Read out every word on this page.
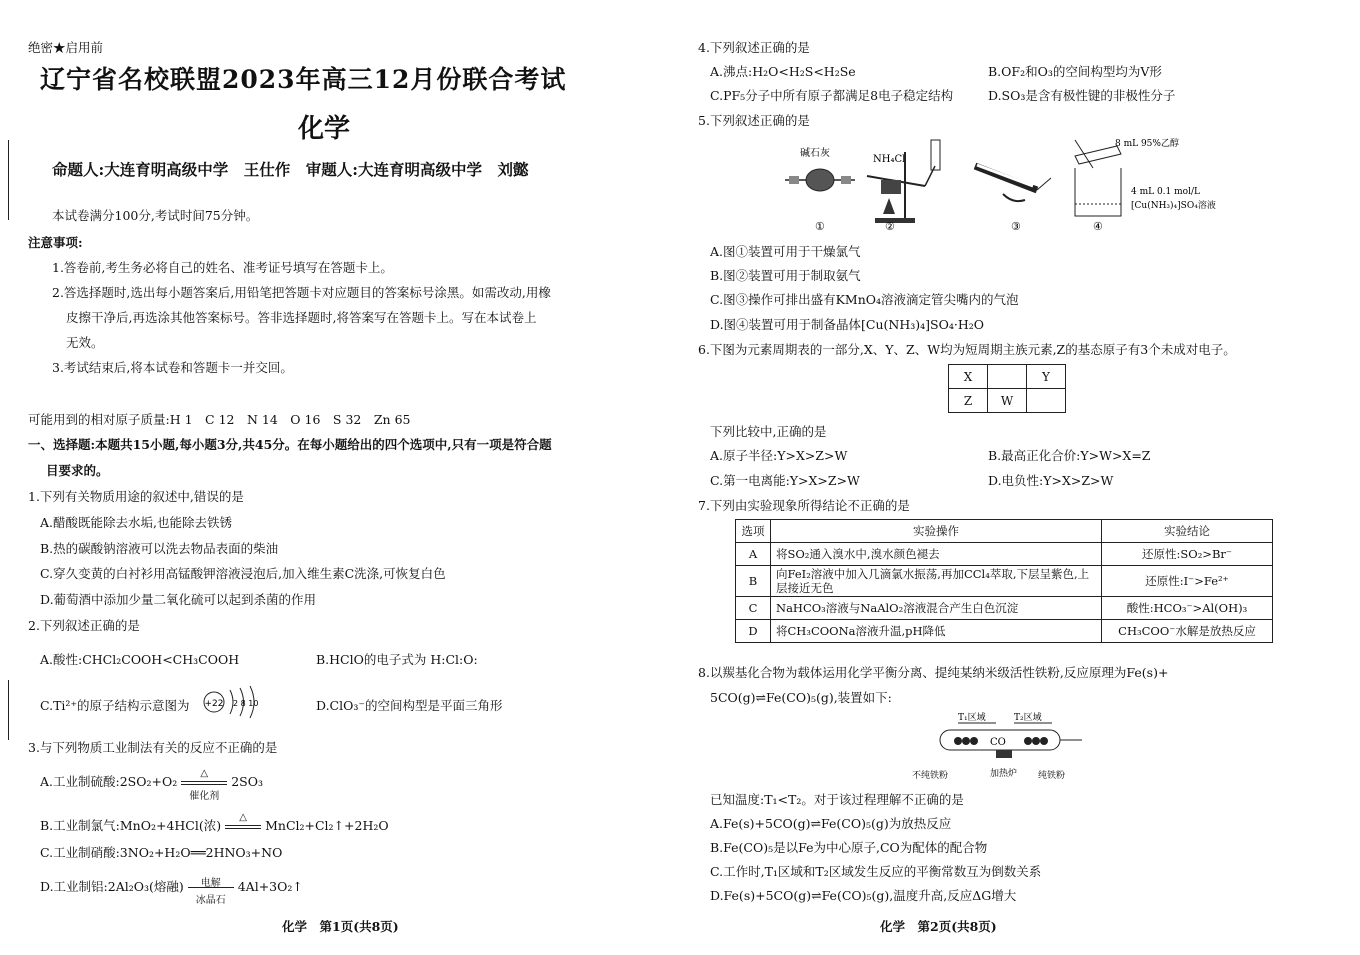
绝密★启用前
辽宁省名校联盟2023年高三12月份联合考试
化学
命题人:大连育明高级中学　王仕作　审题人:大连育明高级中学　刘懿
本试卷满分100分,考试时间75分钟。
注意事项:
1.答卷前,考生务必将自己的姓名、准考证号填写在答题卡上。
2.答选择题时,选出每小题答案后,用铅笔把答题卡对应题目的答案标号涂黑。如需改动,用橡
皮擦干净后,再选涂其他答案标号。答非选择题时,将答案写在答题卡上。写在本试卷上
无效。
3.考试结束后,将本试卷和答题卡一并交回。
可能用到的相对原子质量:H 1　C 12　N 14　O 16　S 32　Zn 65
一、选择题:本题共15小题,每小题3分,共45分。在每小题给出的四个选项中,只有一项是符合题
目要求的。
1.下列有关物质用途的叙述中,错误的是
A.醋酸既能除去水垢,也能除去铁锈
B.热的碳酸钠溶液可以洗去物品表面的柴油
C.穿久变黄的白衬衫用高锰酸钾溶液浸泡后,加入维生素C洗涤,可恢复白色
D.葡萄酒中添加少量二氧化硫可以起到杀菌的作用
2.下列叙述正确的是
A.酸性:CHCl₂COOH<CH₃COOH	B.HClO的电子式为 H:Cl:O:
C.Ti²⁺的原子结构示意图为 +22 2 8 10	D.ClO₃⁻的空间构型是平面三角形
3.与下列物质工业制法有关的反应不正确的是
A.工业制硫酸:2SO₂+O₂
△
催化剂
2SO₃
B.工业制氯气:MnO₂+4HCl(浓)
△
MnCl₂+Cl₂↑+2H₂O
C.工业制硝酸:3NO₂+H₂O══2HNO₃+NO
D.工业制铝:2Al₂O₃(熔融)	电解
冰晶石
4Al+3O₂↑
化学　第1页(共8页)
4.下列叙述正确的是
A.沸点:H₂O<H₂S<H₂Se	B.OF₂和O₃的空间构型均为V形
C.PF₅分子中所有原子都满足8电子稳定结构	D.SO₃是含有极性键的非极性分子
5.下列叙述正确的是
碱石灰
①
NH₄Cl
②	③
8 mL 95%乙醇
4 mL 0.1 mol/L
[Cu(NH₃)₄]SO₄溶液
④
A.图①装置可用于干燥氯气
B.图②装置可用于制取氨气
C.图③操作可排出盛有KMnO₄溶液滴定管尖嘴内的气泡
D.图④装置可用于制备晶体[Cu(NH₃)₄]SO₄·H₂O
6.下图为元素周期表的一部分,X、Y、Z、W均为短周期主族元素,Z的基态原子有3个未成对电子。
X		Y
Z	W	
下列比较中,正确的是
A.原子半径:Y>X>Z>W	B.最高正化合价:Y>W>X=Z
C.第一电离能:Y>X>Z>W	D.电负性:Y>X>Z>W
7.下列由实验现象所得结论不正确的是
选项	实验操作	实验结论
A	将SO₂通入溴水中,溴水颜色褪去	还原性:SO₂>Br⁻
B	向FeI₂溶液中加入几滴氯水振荡,再加CCl₄萃取,下层呈紫色,上层接近无色	还原性:I⁻>Fe²⁺
C	NaHCO₃溶液与NaAlO₂溶液混合产生白色沉淀	酸性:HCO₃⁻>Al(OH)₃
D	将CH₃COONa溶液升温,pH降低	CH₃COO⁻水解是放热反应
8.以羰基化合物为载体运用化学平衡分离、提纯某纳米级活性铁粉,反应原理为Fe(s)+
5CO(g)⇌Fe(CO)₅(g),装置如下:
T₁区域	T₂区域
CO
不纯铁粉	加热炉 纯铁粉
已知温度:T₁<T₂。对于该过程理解不正确的是
A.Fe(s)+5CO(g)⇌Fe(CO)₅(g)为放热反应
B.Fe(CO)₅是以Fe为中心原子,CO为配体的配合物
C.工作时,T₁区域和T₂区域发生反应的平衡常数互为倒数关系
D.Fe(s)+5CO(g)⇌Fe(CO)₅(g),温度升高,反应ΔG增大
化学　第2页(共8页)
